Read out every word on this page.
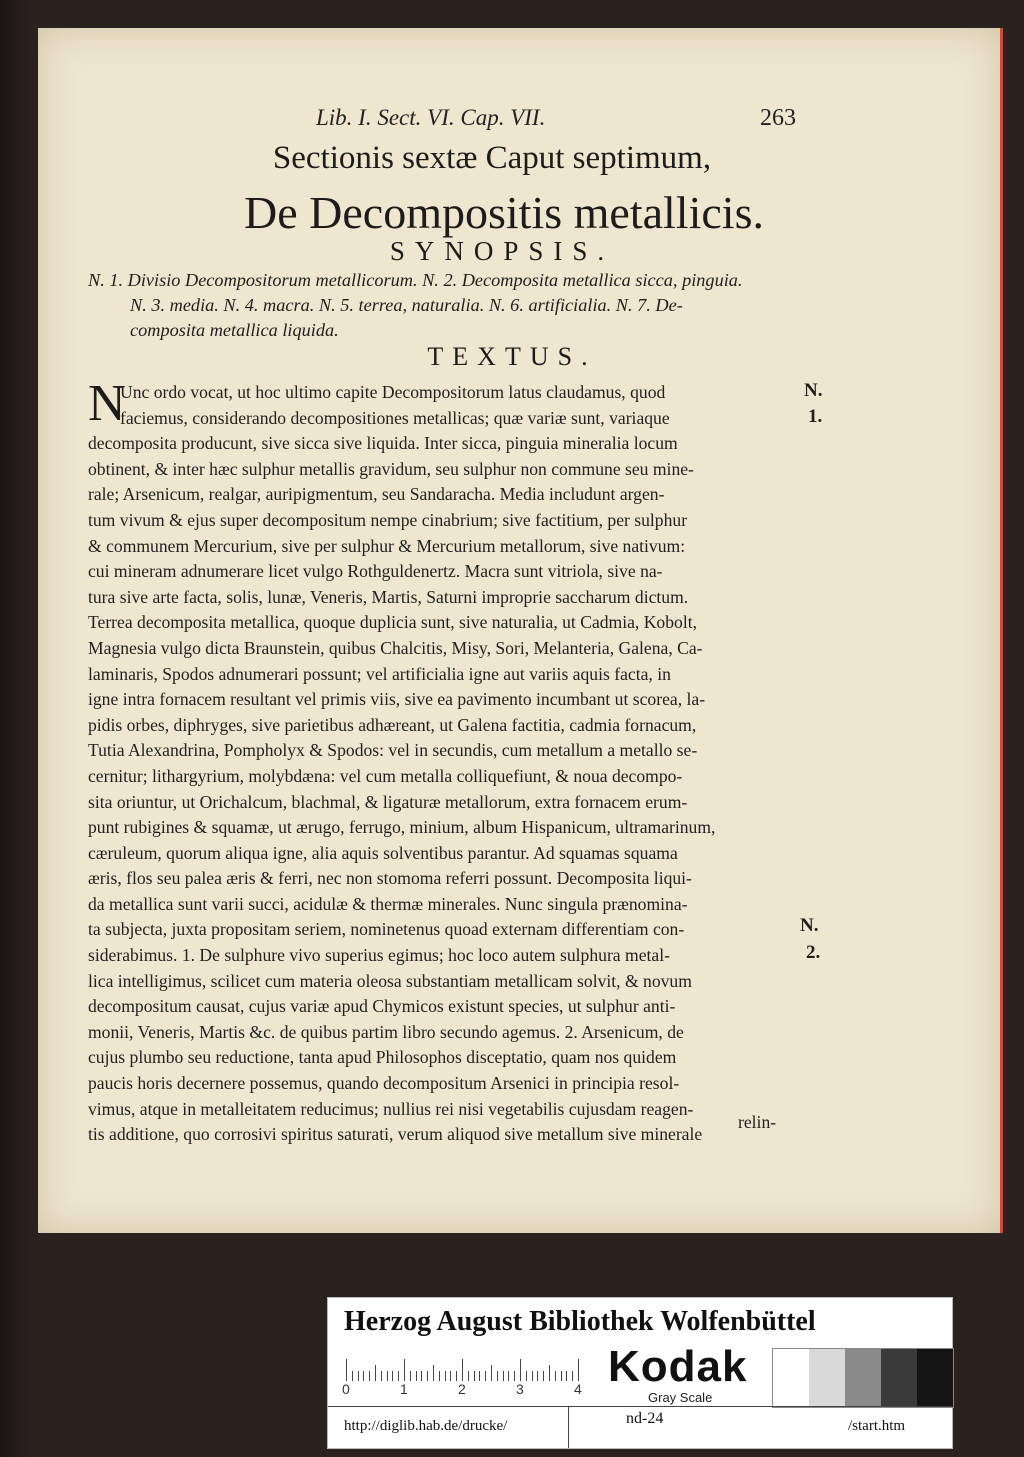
Lib. I. Sect. VI. Cap. VII.	263
Sectionis sextæ Caput septimum,
De Decompositis metallicis.
SYNOPSIS.
N. 1. Divisio Decompositorum metallicorum. N. 2. Decomposita metallica sicca, pinguia.
N. 3. media. N. 4. macra. N. 5. terrea, naturalia. N. 6. artificialia. N. 7. De-
composita metallica liquida.
TEXTUS.
N
Unc ordo vocat, ut hoc ultimo capite Decompositorum latus claudamus, quod
faciemus, considerando decompositiones metallicas; quæ variæ sunt, variaque
decomposita producunt, sive sicca sive liquida. Inter sicca, pinguia mineralia locum
obtinent, & inter hæc sulphur metallis gravidum, seu sulphur non commune seu mine-
rale; Arsenicum, realgar, auripigmentum, seu Sandaracha. Media includunt argen-
tum vivum & ejus super decompositum nempe cinabrium; sive factitium, per sulphur
& communem Mercurium, sive per sulphur & Mercurium metallorum, sive nativum:
cui mineram adnumerare licet vulgo Rothguldenertz. Macra sunt vitriola, sive na-
tura sive arte facta, solis, lunæ, Veneris, Martis, Saturni improprie saccharum dictum.
Terrea decomposita metallica, quoque duplicia sunt, sive naturalia, ut Cadmia, Kobolt,
Magnesia vulgo dicta Braunstein, quibus Chalcitis, Misy, Sori, Melanteria, Galena, Ca-
laminaris, Spodos adnumerari possunt; vel artificialia igne aut variis aquis facta, in
igne intra fornacem resultant vel primis viis, sive ea pavimento incumbant ut scorea, la-
pidis orbes, diphryges, sive parietibus adhæreant, ut Galena factitia, cadmia fornacum,
Tutia Alexandrina, Pompholyx & Spodos: vel in secundis, cum metallum a metallo se-
cernitur; lithargyrium, molybdæna: vel cum metalla colliquefiunt, & noua decompo-
sita oriuntur, ut Orichalcum, blachmal, & ligaturæ metallorum, extra fornacem erum-
punt rubigines & squamæ, ut ærugo, ferrugo, minium, album Hispanicum, ultramarinum,
cæruleum, quorum aliqua igne, alia aquis solventibus parantur. Ad squamas squama
æris, flos seu palea æris & ferri, nec non stomoma referri possunt. Decomposita liqui-
da metallica sunt varii succi, acidulæ & thermæ minerales. Nunc singula prænomina-
ta subjecta, juxta propositam seriem, nominetenus quoad externam differentiam con-
siderabimus. 1. De sulphure vivo superius egimus; hoc loco autem sulphura metal-
lica intelligimus, scilicet cum materia oleosa substantiam metallicam solvit, & novum
decompositum causat, cujus variæ apud Chymicos existunt species, ut sulphur anti-
monii, Veneris, Martis &c. de quibus partim libro secundo agemus. 2. Arsenicum, de
cujus plumbo seu reductione, tanta apud Philosophos disceptatio, quam nos quidem
paucis horis decernere possemus, quando decompositum Arsenici in principia resol-
vimus, atque in metalleitatem reducimus; nullius rei nisi vegetabilis cujusdam reagen-
tis additione, quo corrosivi spiritus saturati, verum aliquod sive metallum sive minerale
N.
1.
N.
2.
relin-
Herzog August Bibliothek Wolfenbüttel
0	1	2	3	4 Kodak
Gray Scale
http://diglib.hab.de/drucke/	nd-24	/start.htm
